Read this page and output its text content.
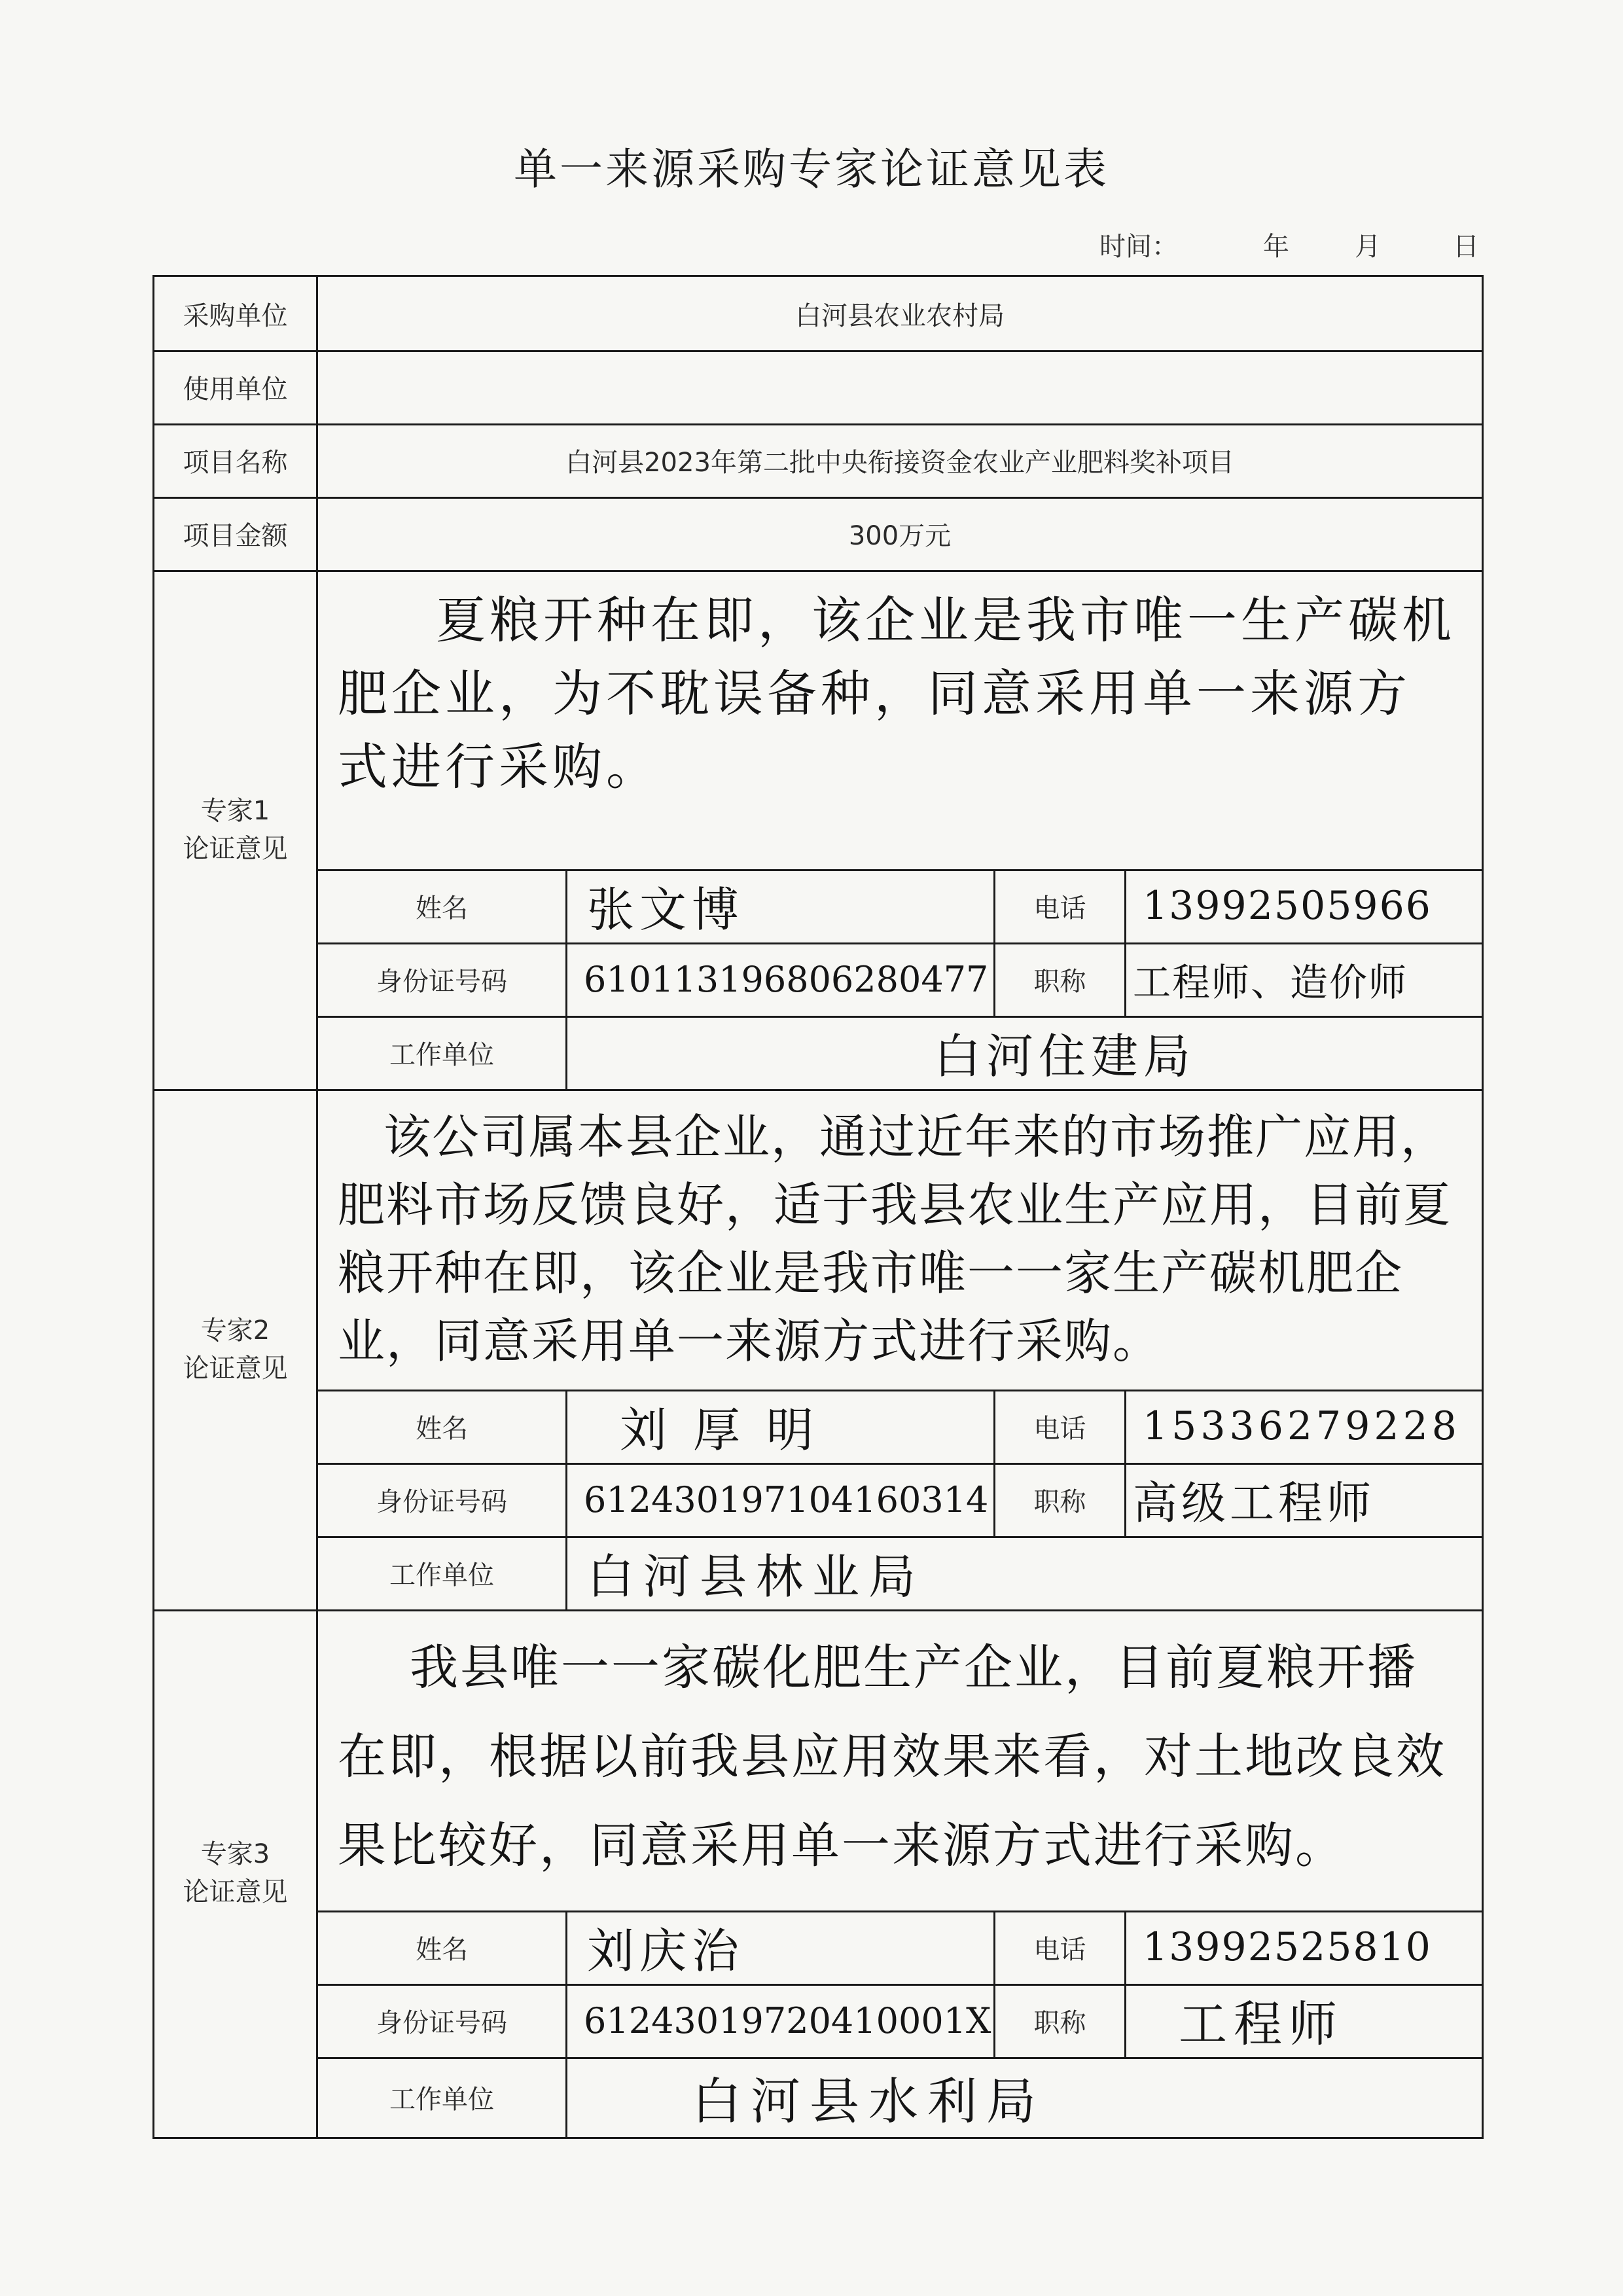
单一来源采购专家论证意见表
时间：	年	月	日
采购单位	白河县农业农村局
使用单位
项目名称	白河县2023年第二批中央衔接资金农业产业肥料奖补项目
项目金额	300万元
专家1
论证意见
夏粮开种在即，该企业是我市唯一生产碳机肥企业，为不耽误备种，同意采用单一来源方式进行采购。
姓名	张文博	电话	13992505966
身份证号码	610113196806280477	职称	工程师、造价师
工作单位	白河住建局
专家2
论证意见
该公司属本县企业，通过近年来的市场推广应用，肥料市场反馈良好，适于我县农业生产应用，目前夏粮开种在即，该企业是我市唯一一家生产碳机肥企业，同意采用单一来源方式进行采购。
姓名	刘厚明	电话	15336279228
身份证号码	612430197104160314	职称	高级工程师
工作单位	白河县林业局
专家3
论证意见
我县唯一一家碳化肥生产企业，目前夏粮开播在即，根据以前我县应用效果来看，对土地改良效果比较好，同意采用单一来源方式进行采购。
姓名	刘庆治	电话	13992525810
身份证号码	61243019720410001X	职称	工程师
工作单位	白河县水利局
